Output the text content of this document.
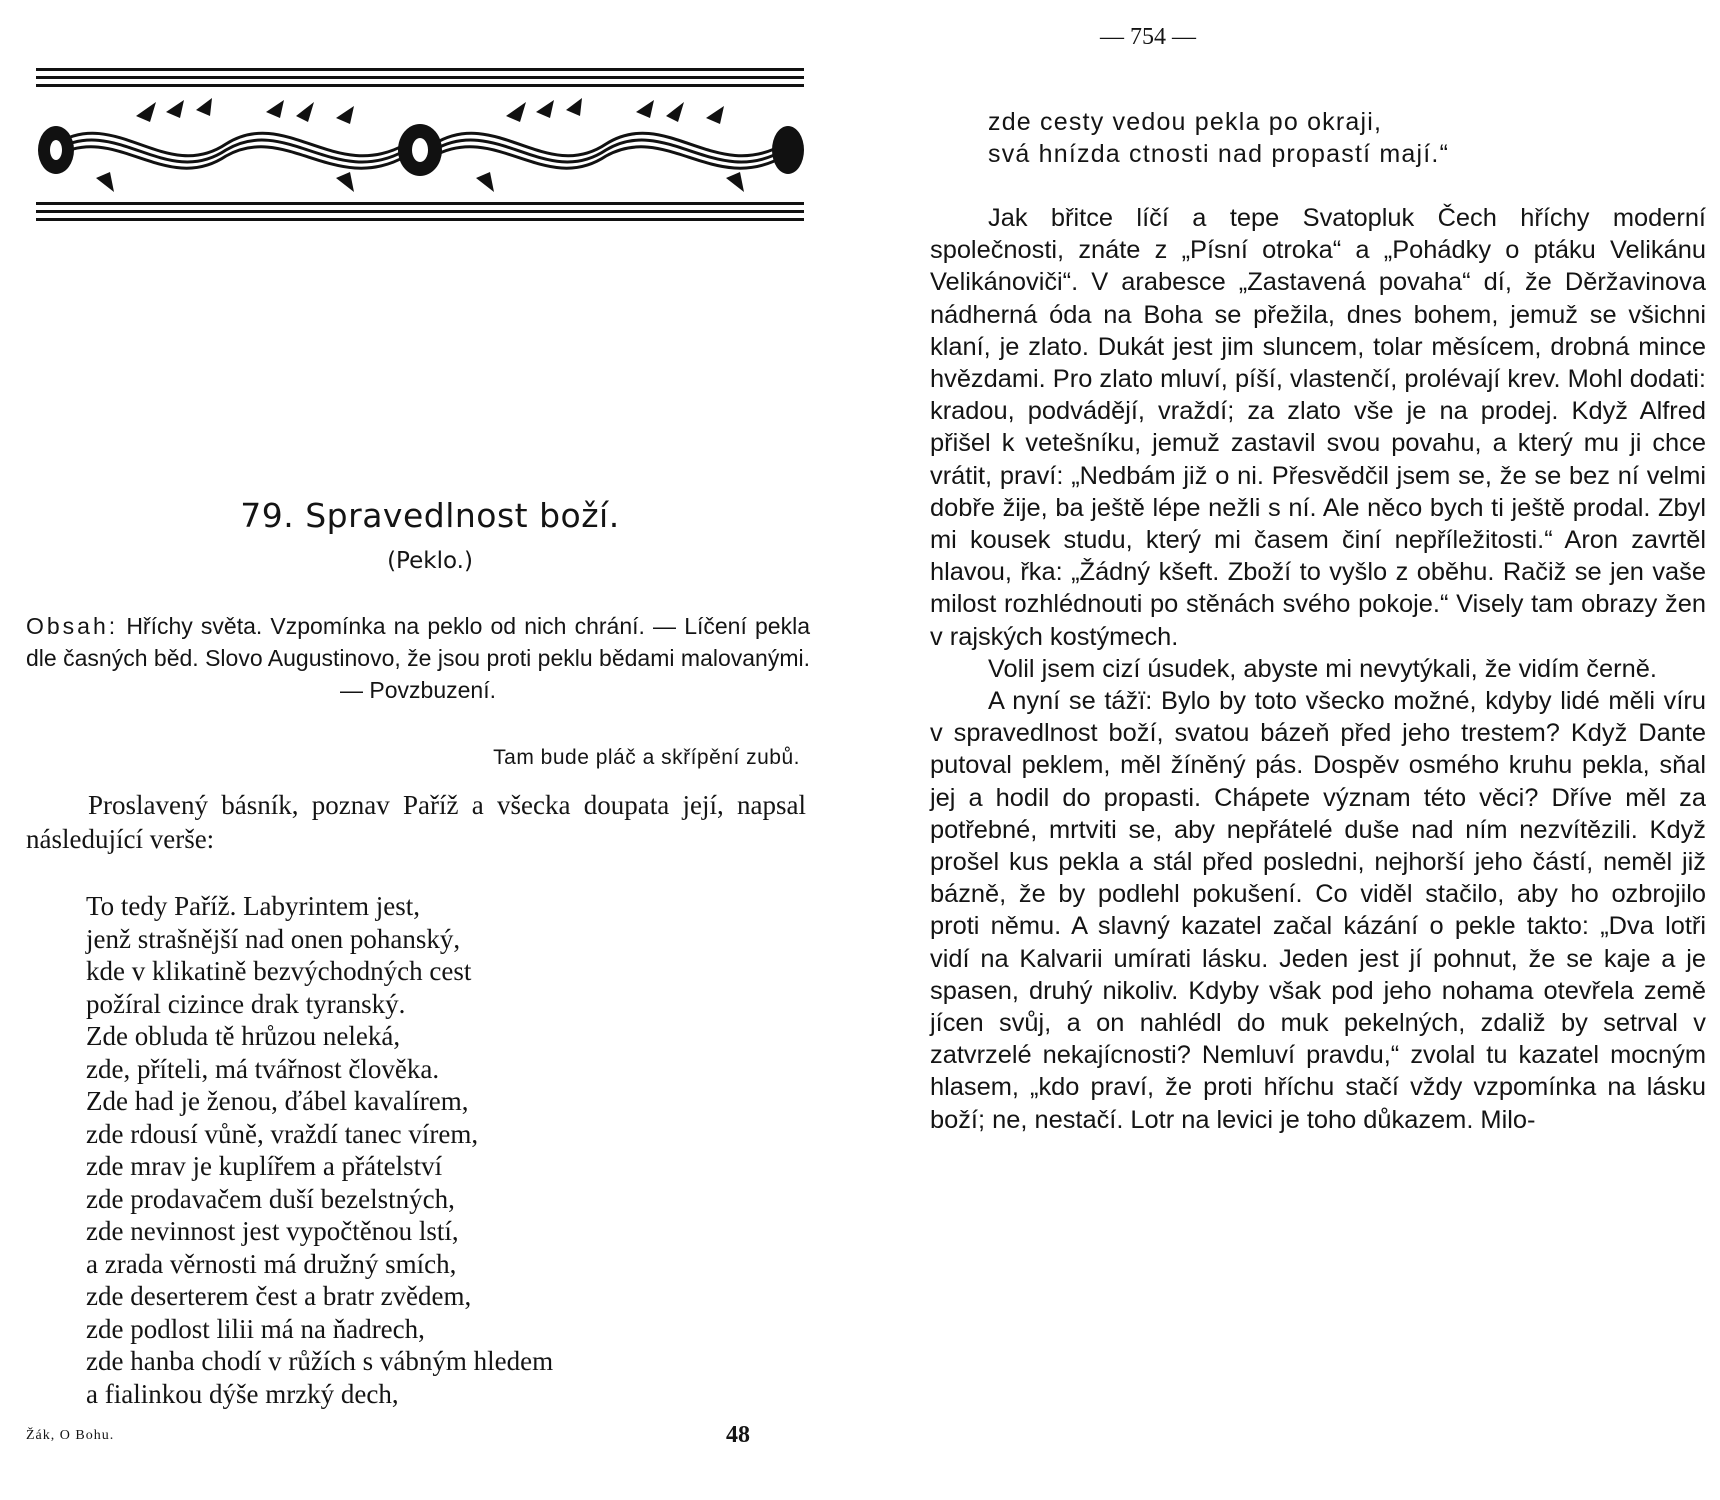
79. Spravedlnost boží.
(Peklo.)
Obsah: Hříchy světa. Vzpomínka na peklo od nich chrání. — Líčení pekla dle časných běd. Slovo Augustinovo, že jsou proti peklu bědami malovanými. — Povzbuzení.
Tam bude pláč a skřípění zubů.

Proslavený básník, poznav Paříž a všecka doupata její, napsal následující verše:

To tedy Paříž. Labyrintem jest,
jenž strašnější nad onen pohanský,
kde v klikatině bezvýchodných cest
požíral cizince drak tyranský.
Zde obluda tě hrůzou neleká,
zde, příteli, má tvářnost člověka.
Zde had je ženou, ďábel kavalírem,
zde rdousí vůně, vraždí tanec vírem,
zde mrav je kuplířem a přátelství
zde prodavačem duší bezelstných,
zde nevinnost jest vypočtěnou lstí,
a zrada věrnosti má družný smích,
zde deserterem čest a bratr zvědem,
zde podlost lilii má na ňadrech,
zde hanba chodí v růžích s vábným hledem
a fialinkou dýše mrzký dech,
Žák, O Bohu.	48
— 754 —
zde cesty vedou pekla po okraji,
svá hnízda ctnosti nad propastí mají.“

Jak břitce líčí a tepe Svatopluk Čech hříchy moderní společnosti, znáte z „Písní otroka“ a „Pohádky o ptáku Velikánu Velikánoviči“. V arabesce „Zastavená povaha“ dí, že Děržavinova nádherná óda na Boha se přežila, dnes bohem, jemuž se všichni klaní, je zlato. Dukát jest jim sluncem, tolar měsícem, drobná mince hvězdami. Pro zlato mluví, píší, vlastenčí, prolévají krev. Mohl dodati: kradou, podvádějí, vraždí; za zlato vše je na prodej. Když Alfred přišel k vetešníku, jemuž zastavil svou povahu, a který mu ji chce vrátit, praví: „Nedbám již o ni. Přesvědčil jsem se, že se bez ní velmi dobře žije, ba ještě lépe nežli s ní. Ale něco bych ti ještě prodal. Zbyl mi kousek studu, který mi časem činí nepříležitosti.“ Aron zavrtěl hlavou, řka: „Žádný kšeft. Zboží to vyšlo z oběhu. Račiž se jen vaše milost rozhlédnouti po stěnách svého pokoje.“ Visely tam obrazy žen v rajských kostýmech.

Volil jsem cizí úsudek, abyste mi nevytýkali, že vidím černě.

A nyní se tážï: Bylo by toto všecko možné, kdyby lidé měli víru v spravedlnost boží, svatou bázeň před jeho trestem? Když Dante putoval peklem, měl žíněný pás. Dospěv osmého kruhu pekla, sňal jej a hodil do propasti. Chápete význam této věci? Dříve měl za potřebné, mrtviti se, aby nepřátelé duše nad ním nezvítězili. Když prošel kus pekla a stál před posledni, nejhorší jeho částí, neměl již bázně, že by podlehl pokušení. Co viděl stačilo, aby ho ozbrojilo proti němu. A slavný kazatel začal kázání o pekle takto: „Dva lotři vidí na Kalvarii umírati lásku. Jeden jest jí pohnut, že se kaje a je spasen, druhý nikoliv. Kdyby však pod jeho nohama otevřela země jícen svůj, a on nahlédl do muk pekelných, zdaliž by setrval v zatvrzelé nekajícnosti? Nemluví pravdu,“ zvolal tu kazatel mocným hlasem, „kdo praví, že proti hříchu stačí vždy vzpomínka na lásku boží; ne, nestačí. Lotr na levici je toho důkazem. Milo-
